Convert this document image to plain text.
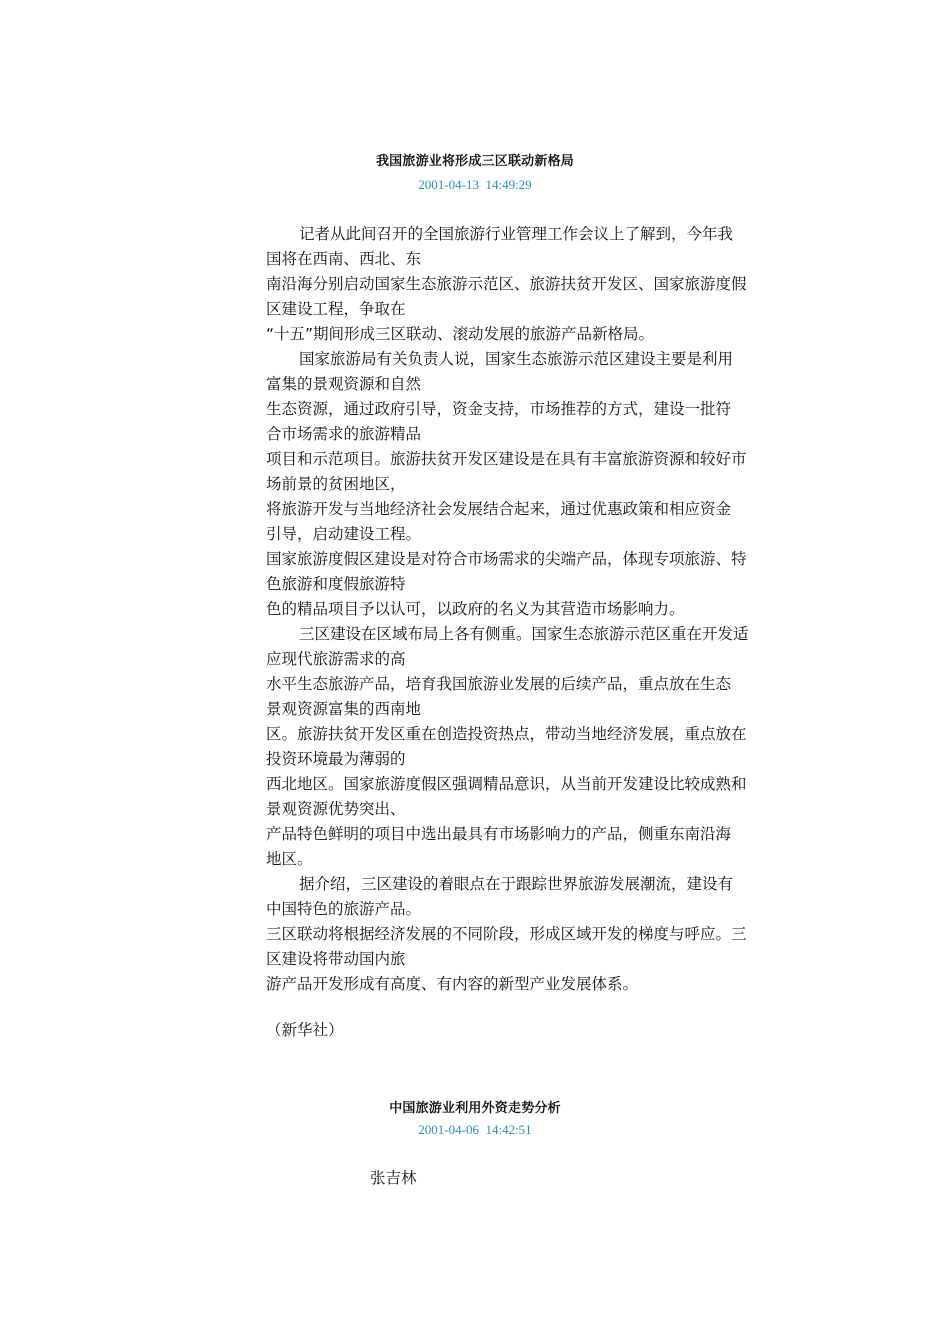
我国旅游业将形成三区联动新格局
2001-04-13  14:49:29
记者从此间召开的全国旅游行业管理工作会议上了解到，今年我
国将在西南、西北、东
南沿海分别启动国家生态旅游示范区、旅游扶贫开发区、国家旅游度假
区建设工程，争取在
“十五”期间形成三区联动、滚动发展的旅游产品新格局。
国家旅游局有关负责人说，国家生态旅游示范区建设主要是利用
富集的景观资源和自然
生态资源，通过政府引导，资金支持，市场推荐的方式，建设一批符
合市场需求的旅游精品
项目和示范项目。旅游扶贫开发区建设是在具有丰富旅游资源和较好市
场前景的贫困地区，
将旅游开发与当地经济社会发展结合起来，通过优惠政策和相应资金
引导，启动建设工程。
国家旅游度假区建设是对符合市场需求的尖端产品，体现专项旅游、特
色旅游和度假旅游特
色的精品项目予以认可，以政府的名义为其营造市场影响力。
三区建设在区域布局上各有侧重。国家生态旅游示范区重在开发适
应现代旅游需求的高
水平生态旅游产品，培育我国旅游业发展的后续产品，重点放在生态
景观资源富集的西南地
区。旅游扶贫开发区重在创造投资热点，带动当地经济发展，重点放在
投资环境最为薄弱的
西北地区。国家旅游度假区强调精品意识，从当前开发建设比较成熟和
景观资源优势突出、
产品特色鲜明的项目中选出最具有市场影响力的产品，侧重东南沿海
地区。
据介绍，三区建设的着眼点在于跟踪世界旅游发展潮流，建设有
中国特色的旅游产品。
三区联动将根据经济发展的不同阶段，形成区域开发的梯度与呼应。三
区建设将带动国内旅
游产品开发形成有高度、有内容的新型产业发展体系。
（新华社）
中国旅游业利用外资走势分析
2001-04-06  14:42:51
张吉林
